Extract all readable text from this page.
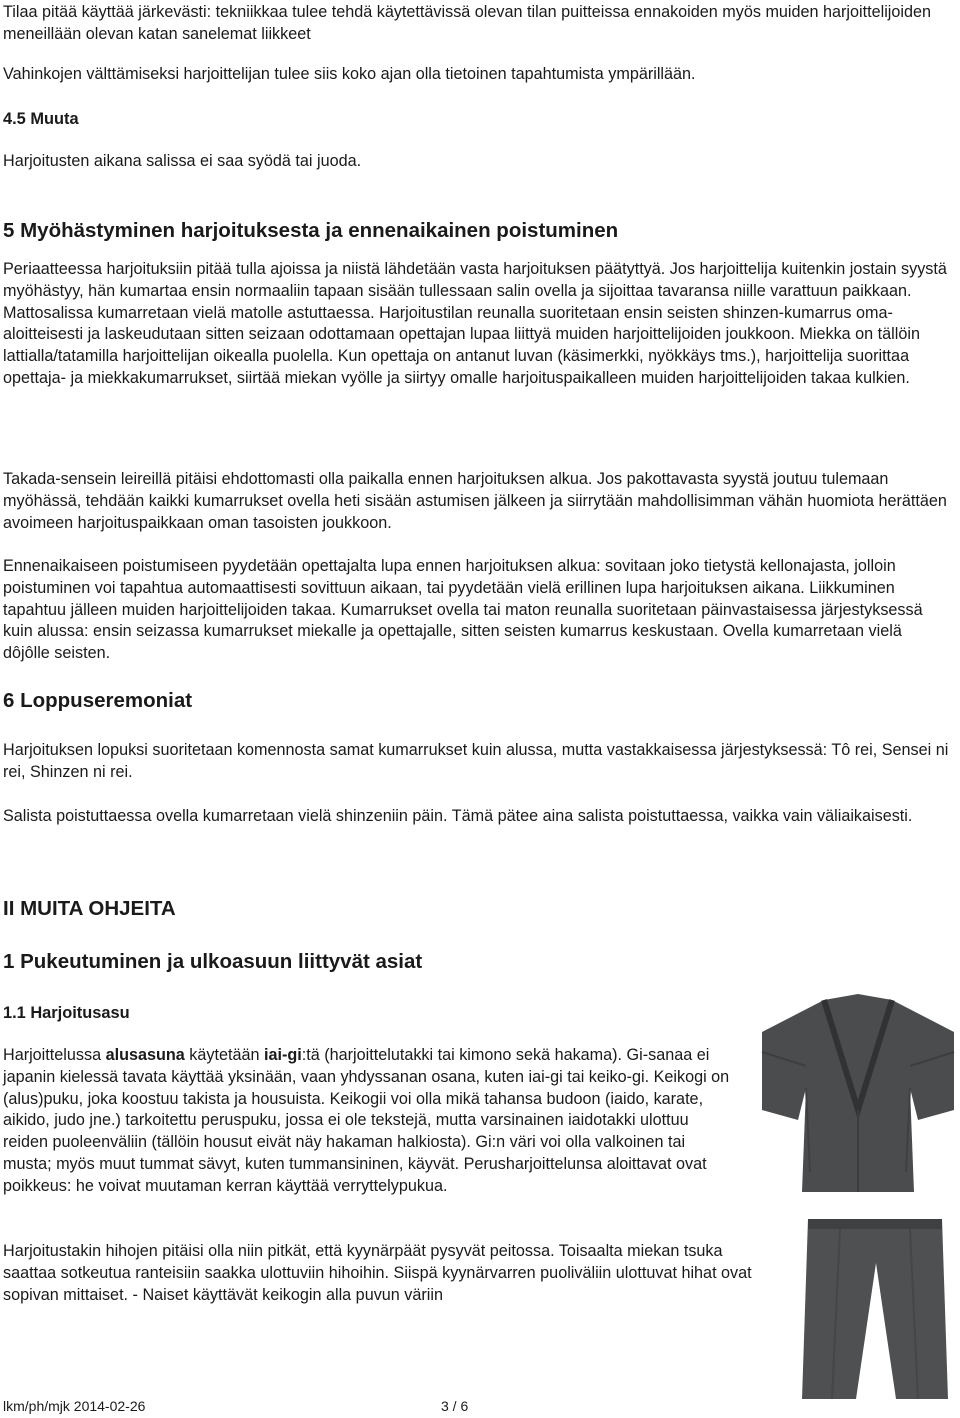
Tilaa pitää käyttää järkevästi: tekniikkaa tulee tehdä käytettävissä olevan tilan puitteissa ennakoiden myös muiden harjoittelijoiden meneillään olevan katan sanelemat liikkeet

Vahinkojen välttämiseksi harjoittelijan tulee siis koko ajan olla tietoinen tapahtumista ympärillään.

4.5 Muuta

Harjoitusten aikana salissa ei saa syödä tai juoda.

5 Myöhästyminen harjoituksesta ja ennenaikainen poistuminen

Periaatteessa harjoituksiin pitää tulla ajoissa ja niistä lähdetään vasta harjoituksen päätyttyä. Jos harjoittelija kuitenkin jostain syystä myöhästyy, hän kumartaa ensin normaaliin tapaan sisään tullessaan salin ovella ja sijoittaa tavaransa niille varattuun paikkaan. Mattosalissa kumarretaan vielä matolle astuttaessa. Harjoitustilan reunalla suoritetaan ensin seisten shinzen-kumarrus oma-aloitteisesti ja laskeudutaan sitten seizaan odottamaan opettajan lupaa liittyä muiden harjoittelijoiden joukkoon. Miekka on tällöin lattialla/tatamilla harjoittelijan oikealla puolella. Kun opettaja on antanut luvan (käsimerkki, nyökkäys tms.), harjoittelija suorittaa opettaja- ja miekkakumarrukset, siirtää miekan vyölle ja siirtyy omalle harjoituspaikalleen muiden harjoittelijoiden takaa kulkien.

Takada-sensein leireillä pitäisi ehdottomasti olla paikalla ennen harjoituksen alkua. Jos pakottavasta syystä joutuu tulemaan myöhässä, tehdään kaikki kumarrukset ovella heti sisään astumisen jälkeen ja siirrytään mahdollisimman vähän huomiota herättäen avoimeen harjoituspaikkaan oman tasoisten joukkoon.

Ennenaikaiseen poistumiseen pyydetään opettajalta lupa ennen harjoituksen alkua: sovitaan joko tietystä kellonajasta, jolloin poistuminen voi tapahtua automaattisesti sovittuun aikaan, tai pyydetään vielä erillinen lupa harjoituksen aikana. Liikkuminen tapahtuu jälleen muiden harjoittelijoiden takaa. Kumarrukset ovella tai maton reunalla suoritetaan päinvastaisessa järjestyksessä kuin alussa: ensin seizassa kumarrukset miekalle ja opettajalle, sitten seisten kumarrus keskustaan. Ovella kumarretaan vielä dôjôlle seisten.

6 Loppuseremoniat

Harjoituksen lopuksi suoritetaan komennosta samat kumarrukset kuin alussa, mutta vastakkaisessa järjestyksessä: Tô rei, Sensei ni rei, Shinzen ni rei.

Salista poistuttaessa ovella kumarretaan vielä shinzeniin päin. Tämä pätee aina salista poistuttaessa, vaikka vain väliaikaisesti.

II MUITA OHJEITA
1 Pukeutuminen ja ulkoasuun liittyvät asiat
1.1 Harjoitusasu

Harjoittelussa alusasuna käytetään iai-gi:tä (harjoittelutakki tai kimono sekä hakama). Gi-sanaa ei japanin kielessä tavata käyttää yksinään, vaan yhdyssanan osana, kuten iai-gi tai keiko-gi. Keikogi on (alus)puku, joka koostuu takista ja housuista. Keikogii voi olla mikä tahansa budoon (iaido, karate, aikido, judo jne.) tarkoitettu peruspuku, jossa ei ole tekstejä, mutta varsinainen iaidotakki ulottuu reiden puoleenväliin (tällöin housut eivät näy hakaman halkiosta). Gi:n väri voi olla valkoinen tai musta; myös muut tummat sävyt, kuten tummansininen, käyvät. Perusharjoittelunsa aloittavat ovat poikkeus: he voivat muutaman kerran käyttää verryttelypukua.

Harjoitustakin hihojen pitäisi olla niin pitkät, että kyynärpäät pysyvät peitossa. Toisaalta miekan tsuka saattaa sotkeutua ranteisiin saakka ulottuviin hihoihin. Siispä kyynärvarren puoliväliin ulottuvat hihat ovat sopivan mittaiset. - Naiset käyttävät keikogin alla puvun väriin

lkm/ph/mjk 2014-02-26	3 / 6
